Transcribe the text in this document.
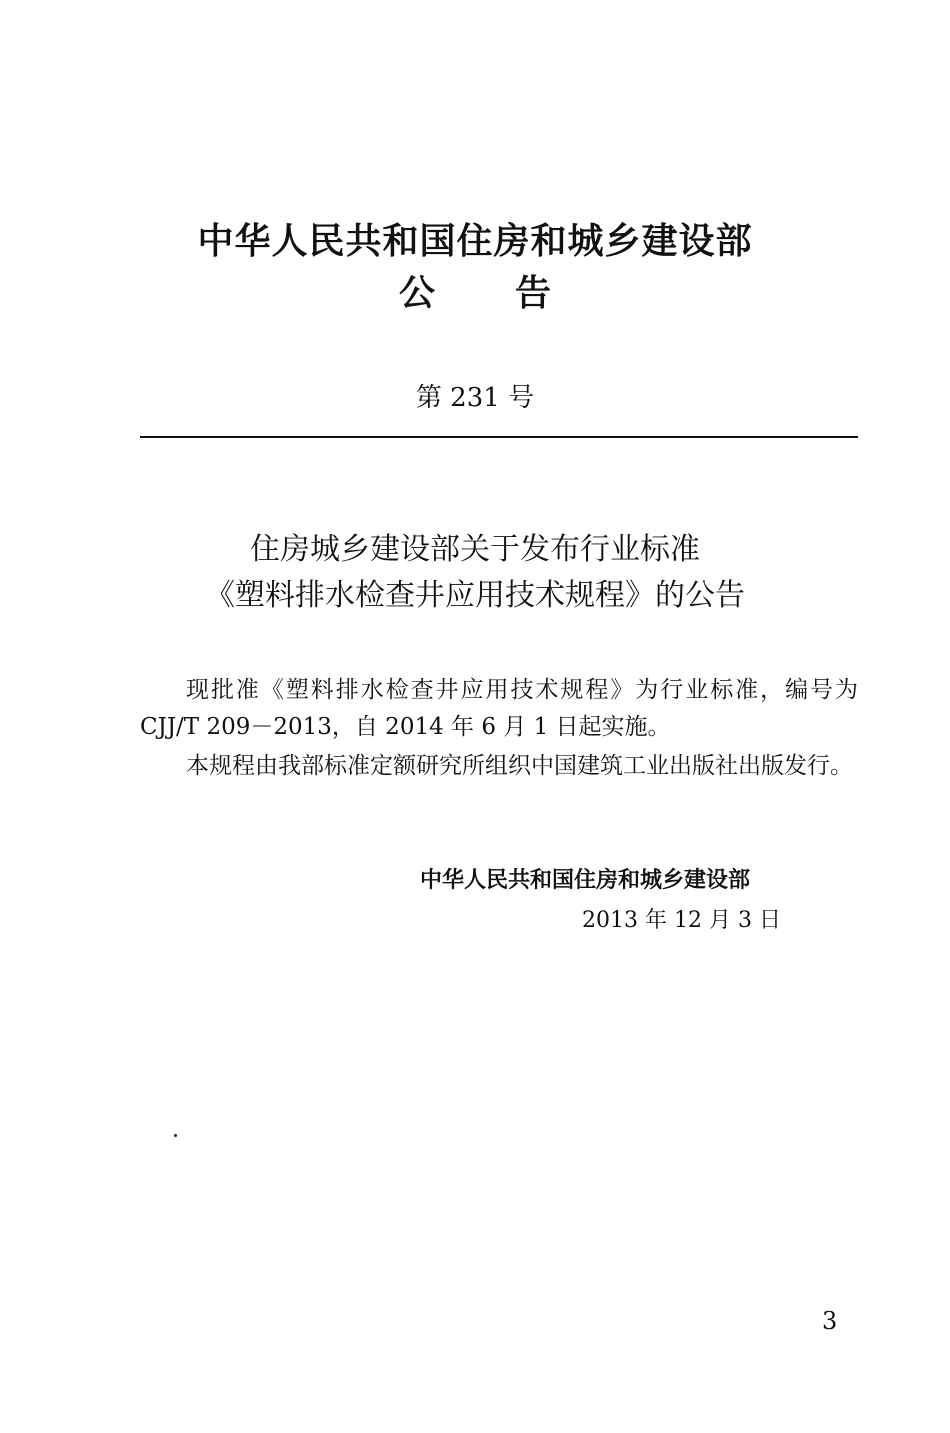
中华人民共和国住房和城乡建设部
公告
第 231 号
住房城乡建设部关于发布行业标准
《塑料排水检查井应用技术规程》的公告
现批准《塑料排水检查井应用技术规程》为行业标准，编号为 CJJ/T 209－2013，自 2014 年 6 月 1 日起实施。
本规程由我部标准定额研究所组织中国建筑工业出版社出版发行。
中华人民共和国住房和城乡建设部
2013 年 12 月 3 日
3
